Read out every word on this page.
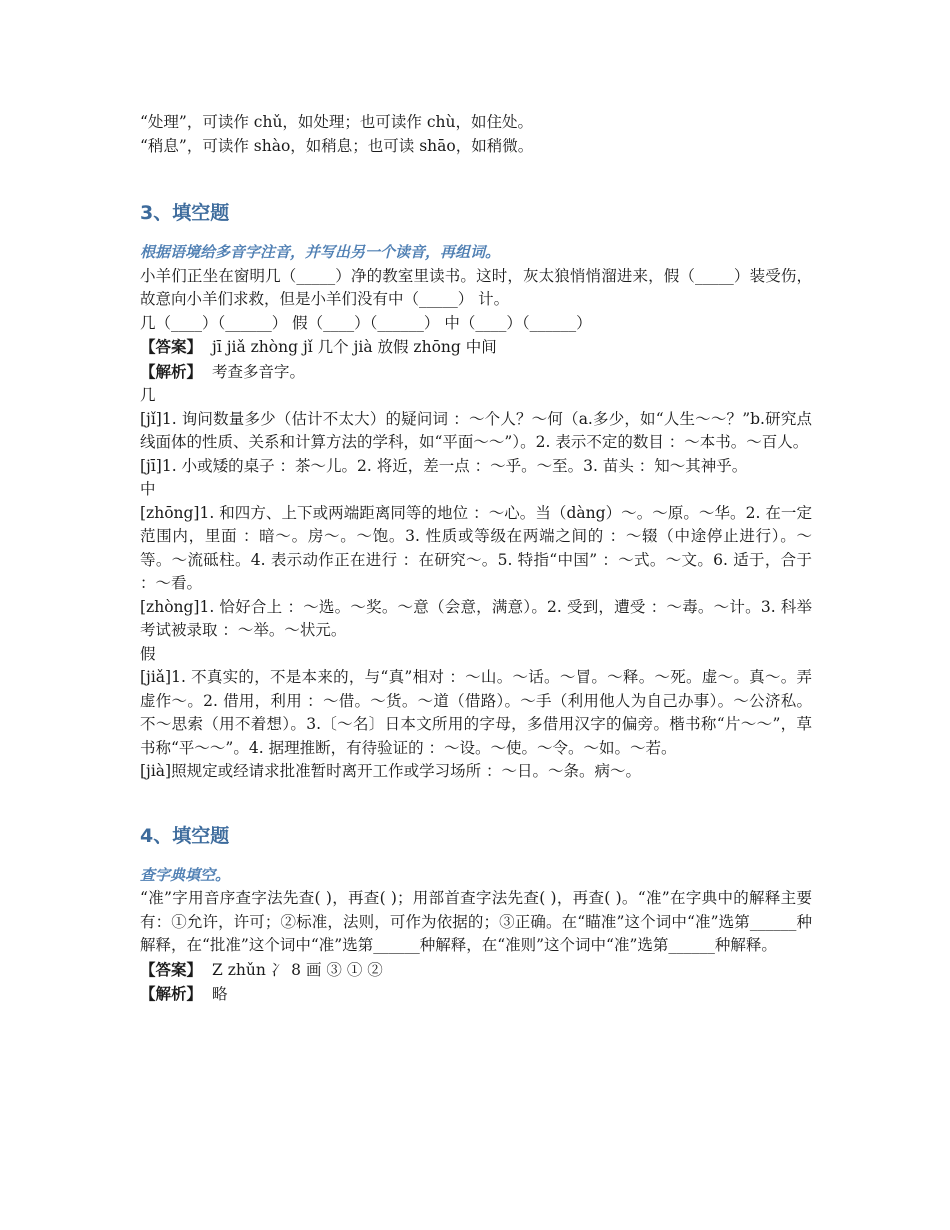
“处理”，可读作 chǔ，如处理；也可读作 chù，如住处。

“稍息”，可读作 shào，如稍息；也可读 shāo，如稍微。

3、填空题
根据语境给多音字注音，并写出另一个读音，再组词。

小羊们正坐在窗明几（_____）净的教室里读书。这时，灰太狼悄悄溜进来，假（_____）装受伤，故意向小羊们求救，但是小羊们没有中（_____） 计。

几（____）（______） 假（____）（______） 中（____）（______）

【答案】 jī jiǎ zhòng jǐ 几个 jià 放假 zhōng 中间

【解析】 考查多音字。

几

[jǐ]1. 询问数量多少（估计不太大）的疑问词 ：～个人？～何（a.多少，如“人生～～？”b.研究点线面体的性质、关系和计算方法的学科，如“平面～～”）。2. 表示不定的数目 ：～本书。～百人。

[jī]1. 小或矮的桌子 ：茶～儿。2. 将近，差一点 ：～乎。～至。3. 苗头 ：知～其神乎。

中

[zhōng]1. 和四方、上下或两端距离同等的地位 ：～心。当（dàng）～。～原。～华。2. 在一定范围内，里面 ：暗～。房～。～饱。3. 性质或等级在两端之间的 ：～辍（中途停止进行）。～等。～流砥柱。4. 表示动作正在进行 ：在研究～。5. 特指“中国” ：～式。～文。6. 适于，合于 ：～看。

[zhòng]1. 恰好合上 ：～选。～奖。～意（会意，满意）。2. 受到，遭受 ：～毒。～计。3. 科举考试被录取 ：～举。～状元。

假

[jiǎ]1. 不真实的，不是本来的，与“真”相对 ：～山。～话。～冒。～释。～死。虚～。真～。弄虚作～。2. 借用，利用 ：～借。～货。～道（借路）。～手（利用他人为自己办事）。～公济私。不～思索（用不着想）。3.〔～名〕日本文所用的字母，多借用汉字的偏旁。楷书称“片～～”，草书称“平～～”。4. 据理推断，有待验证的 ：～设。～使。～令。～如。～若。

[jià]照规定或经请求批准暂时离开工作或学习场所 ：～日。～条。病～。

4、填空题
查字典填空。

“准”字用音序查字法先查( )，再查( )；用部首查字法先查( )，再查( )。“准”在字典中的解释主要有：①允许，许可；②标准，法则，可作为依据的；③正确。在“瞄准”这个词中“准”选第______种解释，在“批准”这个词中“准”选第______种解释，在“准则”这个词中“准”选第______种解释。

【答案】 Z zhǔn 冫 8 画 ③ ① ②

【解析】 略
